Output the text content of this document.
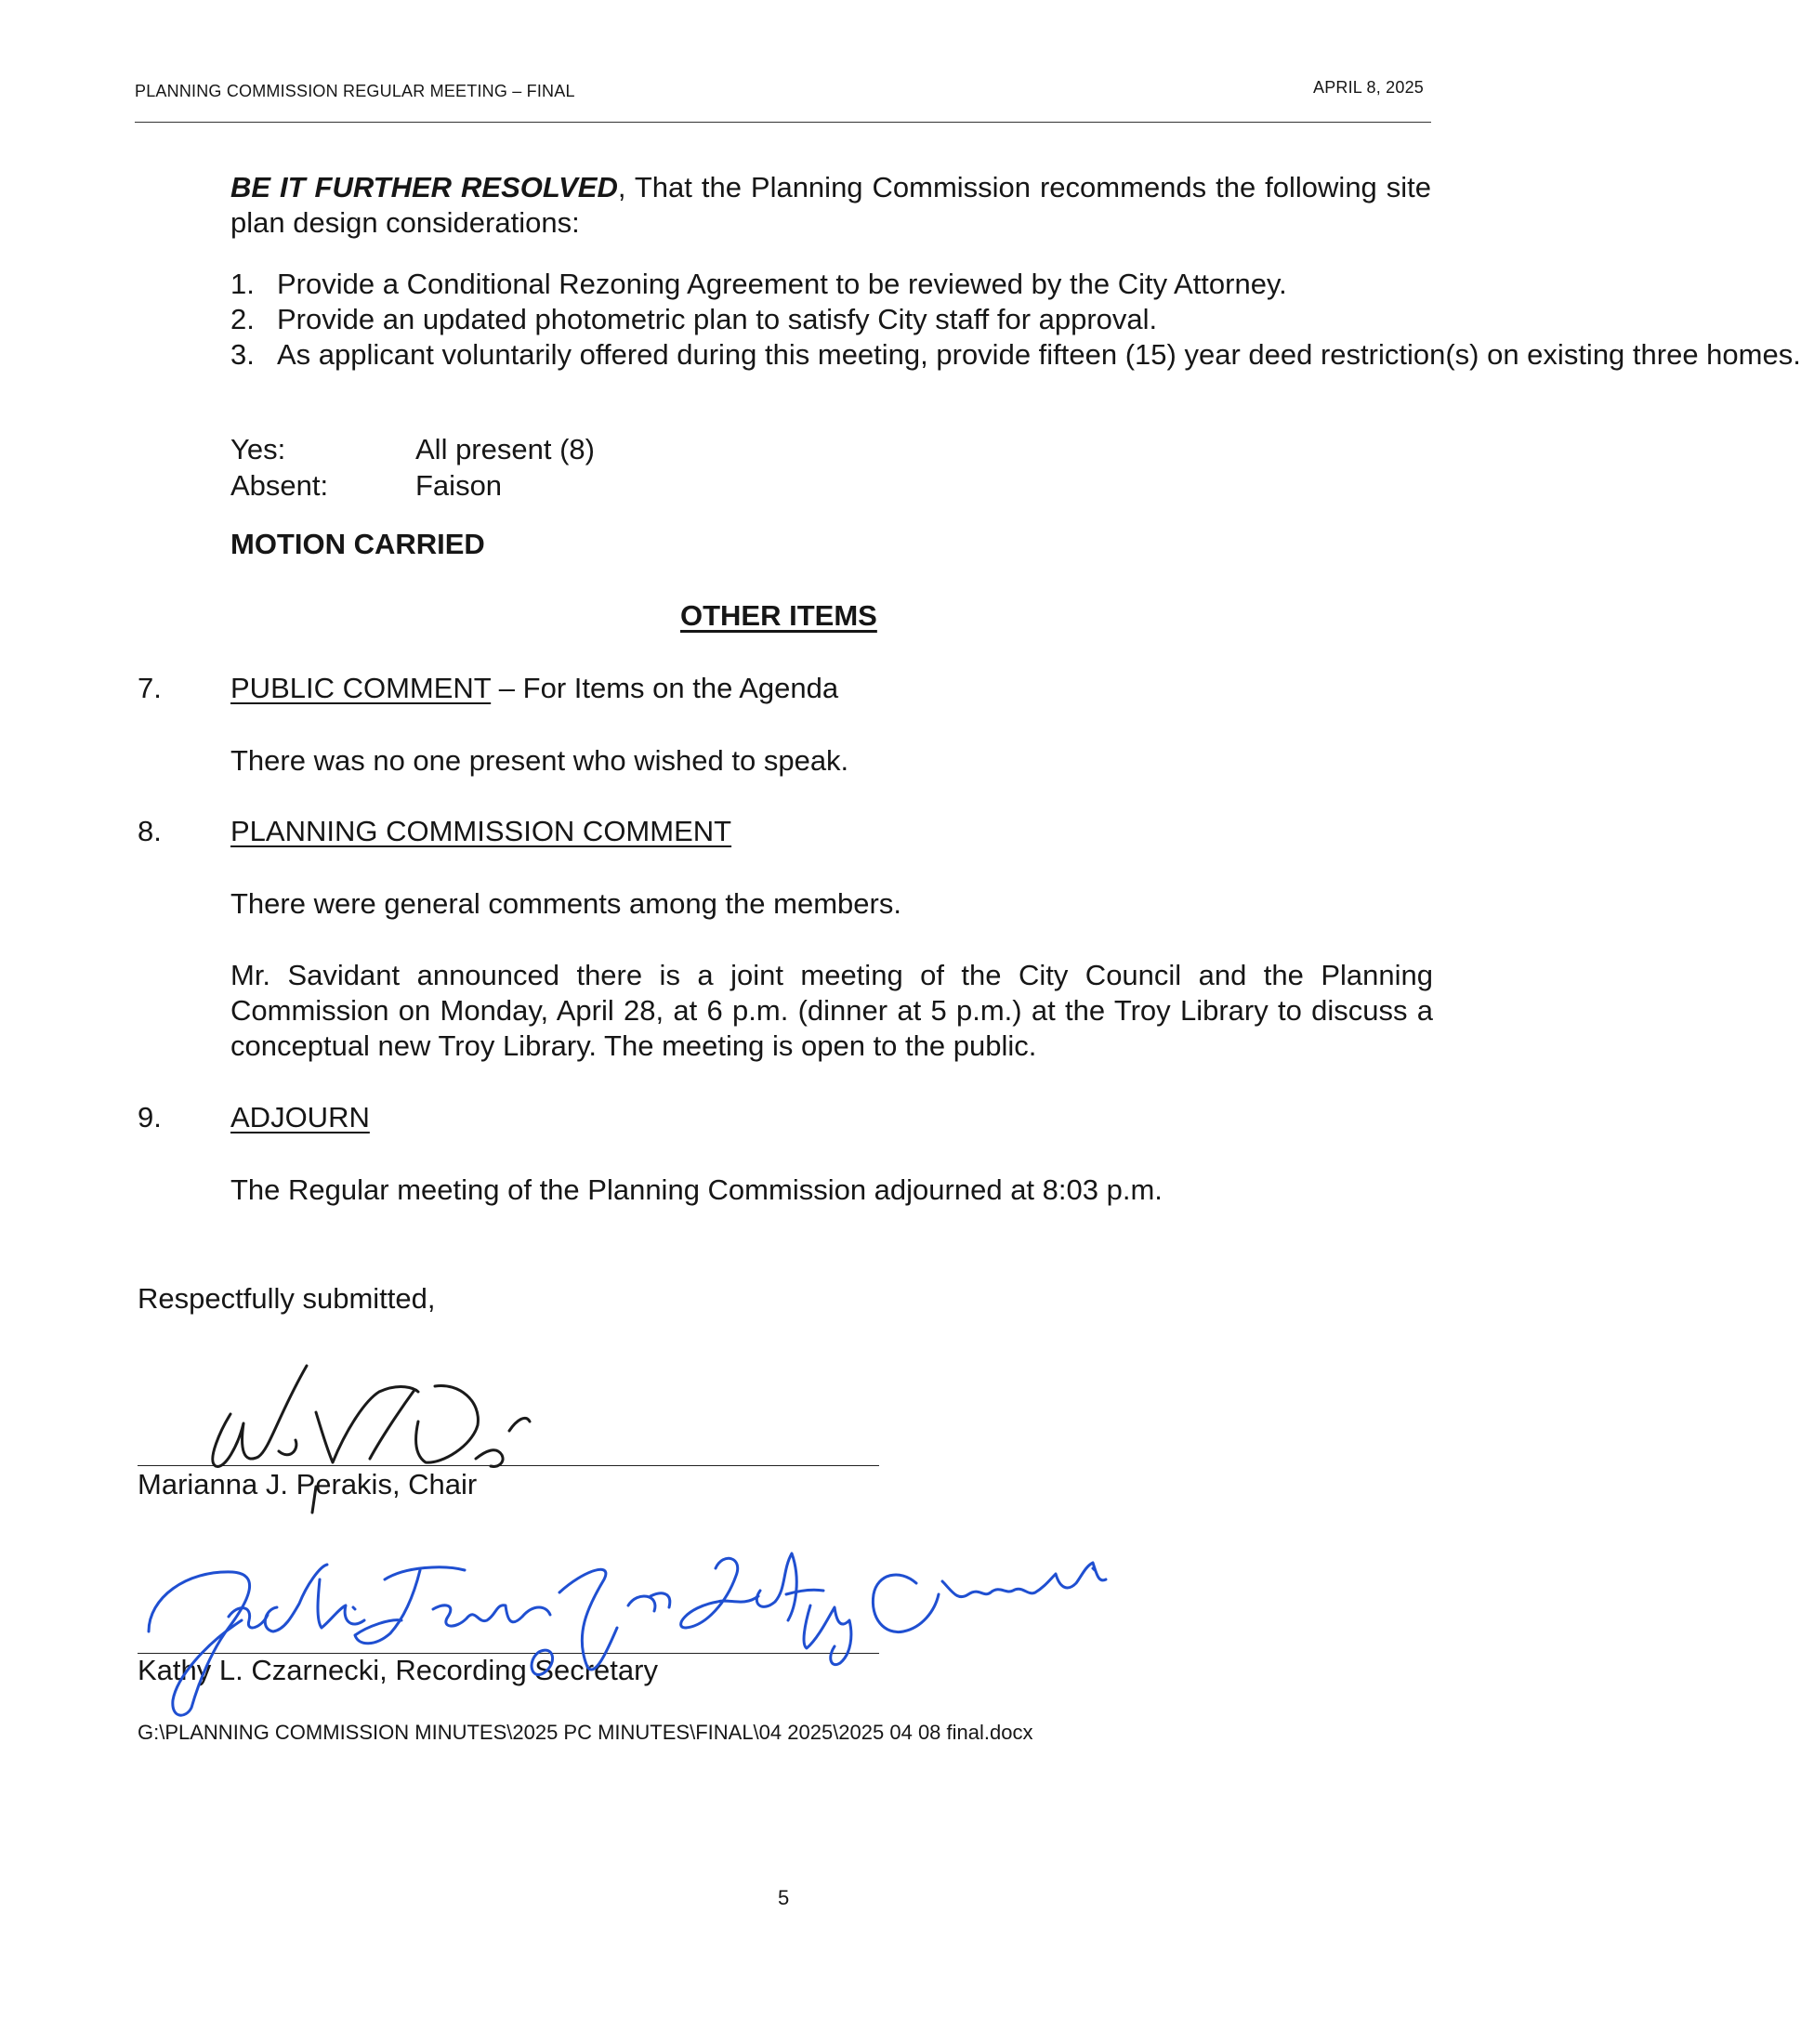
PLANNING COMMISSION REGULAR MEETING – FINAL	APRIL 8, 2025
BE IT FURTHER RESOLVED, That the Planning Commission recommends the following site plan design considerations:
1. Provide a Conditional Rezoning Agreement to be reviewed by the City Attorney.
2. Provide an updated photometric plan to satisfy City staff for approval.
3. As applicant voluntarily offered during this meeting, provide fifteen (15) year deed restriction(s) on existing three homes.
Yes:	All present (8)
Absent:	Faison
MOTION CARRIED
OTHER ITEMS
7. PUBLIC COMMENT – For Items on the Agenda
There was no one present who wished to speak.
8. PLANNING COMMISSION COMMENT
There were general comments among the members.
Mr. Savidant announced there is a joint meeting of the City Council and the Planning Commission on Monday, April 28, at 6 p.m. (dinner at 5 p.m.) at the Troy Library to discuss a conceptual new Troy Library. The meeting is open to the public.
9. ADJOURN
The Regular meeting of the Planning Commission adjourned at 8:03 p.m.
Respectfully submitted,
Marianna J. Perakis, Chair
Kathy L. Czarnecki, Recording Secretary
G:\PLANNING COMMISSION MINUTES\2025 PC MINUTES\FINAL\04 2025\2025 04 08 final.docx
5
